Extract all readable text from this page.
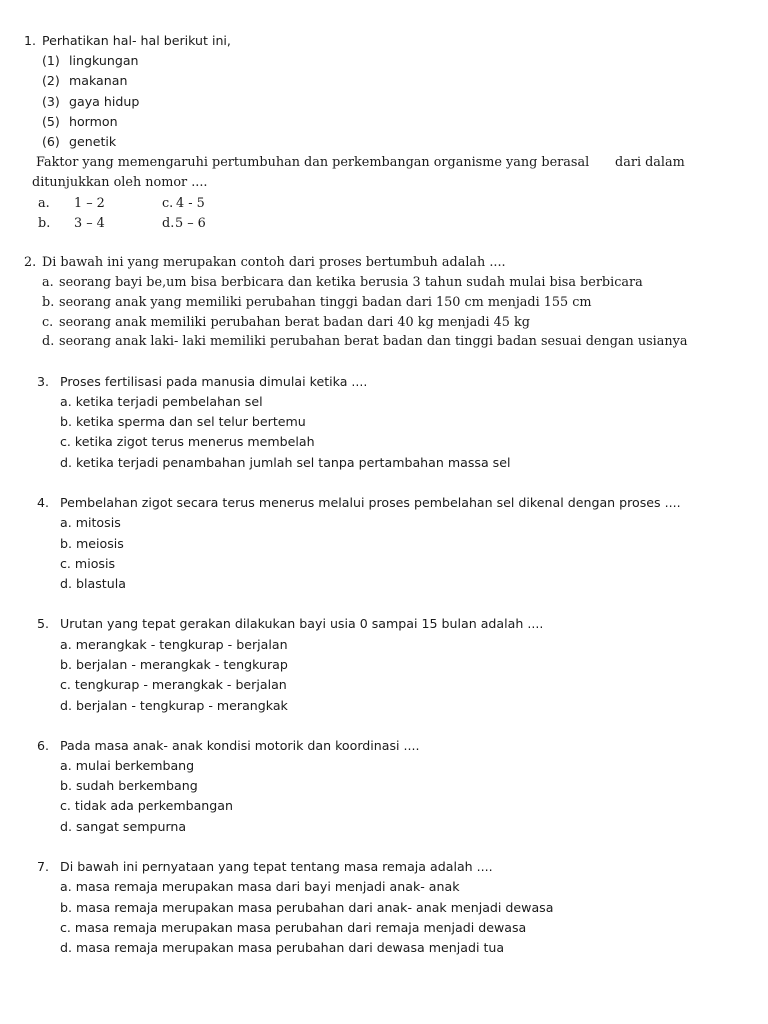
1. Perhatikan hal- hal berikut ini,
(1) lingkungan
(2) makanan
(3) gaya hidup
(5) hormon
(6) genetik
Faktor yang memengaruhi pertumbuhan dan perkembangan organisme yang berasal dari dalam
ditunjukkan oleh nomor ....
a. 1 – 2	c. 4 - 5
b. 3 – 4	d. 5 – 6
2. Di bawah ini yang merupakan contoh dari proses bertumbuh adalah ....
a. seorang bayi be,um bisa berbicara dan ketika berusia 3 tahun sudah mulai bisa berbicara
b. seorang anak yang memiliki perubahan tinggi badan dari 150 cm menjadi 155 cm
c. seorang anak memiliki perubahan berat badan dari 40 kg menjadi 45 kg
d. seorang anak laki- laki memiliki perubahan berat badan dan tinggi badan sesuai dengan usianya
3. Proses fertilisasi pada manusia dimulai ketika ....
a. ketika terjadi pembelahan sel
b. ketika sperma dan sel telur bertemu
c. ketika zigot terus menerus membelah
d. ketika terjadi penambahan jumlah sel tanpa pertambahan massa sel
4. Pembelahan zigot secara terus menerus melalui proses pembelahan sel dikenal dengan proses ....
a. mitosis
b. meiosis
c. miosis
d. blastula
5. Urutan yang tepat gerakan dilakukan bayi usia 0 sampai 15 bulan adalah ....
a. merangkak - tengkurap - berjalan
b. berjalan - merangkak - tengkurap
c. tengkurap - merangkak - berjalan
d. berjalan - tengkurap - merangkak
6. Pada masa anak- anak kondisi motorik dan koordinasi ....
a. mulai berkembang
b. sudah berkembang
c. tidak ada perkembangan
d. sangat sempurna
7. Di bawah ini pernyataan yang tepat tentang masa remaja adalah ....
a. masa remaja merupakan masa dari bayi menjadi anak- anak
b. masa remaja merupakan masa perubahan dari anak- anak menjadi dewasa
c. masa remaja merupakan masa perubahan dari remaja menjadi dewasa
d. masa remaja merupakan masa perubahan dari dewasa menjadi tua
